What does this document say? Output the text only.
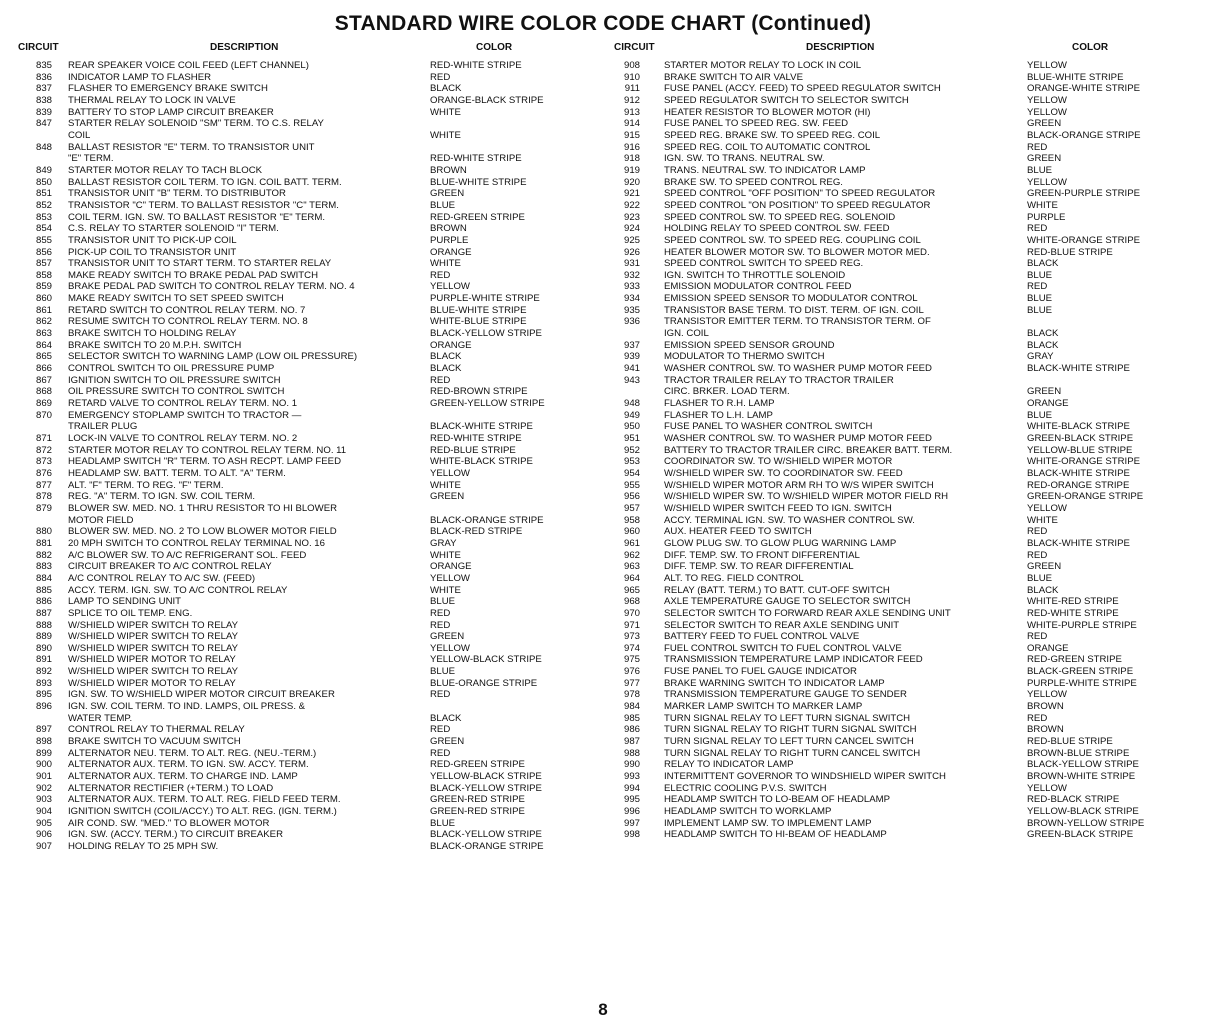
STANDARD WIRE COLOR CODE CHART (Continued)
CIRCUIT	DESCRIPTION	COLOR
835 REAR SPEAKER VOICE COIL FEED (LEFT CHANNEL)	RED-WHITE STRIPE
836 INDICATOR LAMP TO FLASHER	RED
837 FLASHER TO EMERGENCY BRAKE SWITCH	BLACK
838 THERMAL RELAY TO LOCK IN VALVE	ORANGE-BLACK STRIPE
839 BATTERY TO STOP LAMP CIRCUIT BREAKER	WHITE
847 STARTER RELAY SOLENOID "SM" TERM. TO C.S. RELAY
COIL	WHITE
848 BALLAST RESISTOR "E" TERM. TO TRANSISTOR UNIT
"E" TERM.	RED-WHITE STRIPE
849 STARTER MOTOR RELAY TO TACH BLOCK	BROWN
850 BALLAST RESISTOR COIL TERM. TO IGN. COIL BATT. TERM.	BLUE-WHITE STRIPE
851 TRANSISTOR UNIT "B" TERM. TO DISTRIBUTOR	GREEN
852 TRANSISTOR "C" TERM. TO BALLAST RESISTOR "C" TERM.	BLUE
853 COIL TERM. IGN. SW. TO BALLAST RESISTOR "E" TERM.	RED-GREEN STRIPE
854 C.S. RELAY TO STARTER SOLENOID "I" TERM.	BROWN
855 TRANSISTOR UNIT TO PICK-UP COIL	PURPLE
856 PICK-UP COIL TO TRANSISTOR UNIT	ORANGE
857 TRANSISTOR UNIT TO START TERM. TO STARTER RELAY	WHITE
858 MAKE READY SWITCH TO BRAKE PEDAL PAD SWITCH	RED
859 BRAKE PEDAL PAD SWITCH TO CONTROL RELAY TERM. NO. 4	YELLOW
860 MAKE READY SWITCH TO SET SPEED SWITCH	PURPLE-WHITE STRIPE
861 RETARD SWITCH TO CONTROL RELAY TERM. NO. 7	BLUE-WHITE STRIPE
862 RESUME SWITCH TO CONTROL RELAY TERM. NO. 8	WHITE-BLUE STRIPE
863 BRAKE SWITCH TO HOLDING RELAY	BLACK-YELLOW STRIPE
864 BRAKE SWITCH TO 20 M.P.H. SWITCH	ORANGE
865 SELECTOR SWITCH TO WARNING LAMP (LOW OIL PRESSURE)	BLACK
866 CONTROL SWITCH TO OIL PRESSURE PUMP	BLACK
867 IGNITION SWITCH TO OIL PRESSURE SWITCH	RED
868 OIL PRESSURE SWITCH TO CONTROL SWITCH	RED-BROWN STRIPE
869 RETARD VALVE TO CONTROL RELAY TERM. NO. 1	GREEN-YELLOW STRIPE
870 EMERGENCY STOPLAMP SWITCH TO TRACTOR —
TRAILER PLUG	BLACK-WHITE STRIPE
871 LOCK-IN VALVE TO CONTROL RELAY TERM. NO. 2	RED-WHITE STRIPE
872 STARTER MOTOR RELAY TO CONTROL RELAY TERM. NO. 11	RED-BLUE STRIPE
873 HEADLAMP SWITCH "R" TERM. TO ASH RECPT. LAMP FEED	WHITE-BLACK STRIPE
876 HEADLAMP SW. BATT. TERM. TO ALT. "A" TERM.	YELLOW
877 ALT. "F" TERM. TO REG. "F" TERM.	WHITE
878 REG. "A" TERM. TO IGN. SW. COIL TERM.	GREEN
879 BLOWER SW. MED. NO. 1 THRU RESISTOR TO HI BLOWER
MOTOR FIELD	BLACK-ORANGE STRIPE
880 BLOWER SW. MED. NO. 2 TO LOW BLOWER MOTOR FIELD	BLACK-RED STRIPE
881 20 MPH SWITCH TO CONTROL RELAY TERMINAL NO. 16	GRAY
882 A/C BLOWER SW. TO A/C REFRIGERANT SOL. FEED	WHITE
883 CIRCUIT BREAKER TO A/C CONTROL RELAY	ORANGE
884 A/C CONTROL RELAY TO A/C SW. (FEED)	YELLOW
885 ACCY. TERM. IGN. SW. TO A/C CONTROL RELAY	WHITE
886 LAMP TO SENDING UNIT	BLUE
887 SPLICE TO OIL TEMP. ENG.	RED
888 W/SHIELD WIPER SWITCH TO RELAY	RED
889 W/SHIELD WIPER SWITCH TO RELAY	GREEN
890 W/SHIELD WIPER SWITCH TO RELAY	YELLOW
891 W/SHIELD WIPER MOTOR TO RELAY	YELLOW-BLACK STRIPE
892 W/SHIELD WIPER SWITCH TO RELAY	BLUE
893 W/SHIELD WIPER MOTOR TO RELAY	BLUE-ORANGE STRIPE
895 IGN. SW. TO W/SHIELD WIPER MOTOR CIRCUIT BREAKER	RED
896 IGN. SW. COIL TERM. TO IND. LAMPS, OIL PRESS. &
WATER TEMP.	BLACK
897 CONTROL RELAY TO THERMAL RELAY	RED
898 BRAKE SWITCH TO VACUUM SWITCH	GREEN
899 ALTERNATOR NEU. TERM. TO ALT. REG. (NEU.-TERM.)	RED
900 ALTERNATOR AUX. TERM. TO IGN. SW. ACCY. TERM.	RED-GREEN STRIPE
901 ALTERNATOR AUX. TERM. TO CHARGE IND. LAMP	YELLOW-BLACK STRIPE
902 ALTERNATOR RECTIFIER (+TERM.) TO LOAD	BLACK-YELLOW STRIPE
903 ALTERNATOR AUX. TERM. TO ALT. REG. FIELD FEED TERM.	GREEN-RED STRIPE
904 IGNITION SWITCH (COIL/ACCY.) TO ALT. REG. (IGN. TERM.)	GREEN-RED STRIPE
905 AIR COND. SW. "MED." TO BLOWER MOTOR	BLUE
906 IGN. SW. (ACCY. TERM.) TO CIRCUIT BREAKER	BLACK-YELLOW STRIPE
907 HOLDING RELAY TO 25 MPH SW.	BLACK-ORANGE STRIPE
CIRCUIT	DESCRIPTION	COLOR
908	STARTER MOTOR RELAY TO LOCK IN COIL	YELLOW
910	BRAKE SWITCH TO AIR VALVE	BLUE-WHITE STRIPE
911	FUSE PANEL (ACCY. FEED) TO SPEED REGULATOR SWITCH	ORANGE-WHITE STRIPE
912	SPEED REGULATOR SWITCH TO SELECTOR SWITCH	YELLOW
913	HEATER RESISTOR TO BLOWER MOTOR (HI)	YELLOW
914	FUSE PANEL TO SPEED REG. SW. FEED	GREEN
915	SPEED REG. BRAKE SW. TO SPEED REG. COIL	BLACK-ORANGE STRIPE
916	SPEED REG. COIL TO AUTOMATIC CONTROL	RED
918	IGN. SW. TO TRANS. NEUTRAL SW.	GREEN
919	TRANS. NEUTRAL SW. TO INDICATOR LAMP	BLUE
920	BRAKE SW. TO SPEED CONTROL REG.	YELLOW
921	SPEED CONTROL "OFF POSITION" TO SPEED REGULATOR	GREEN-PURPLE STRIPE
922	SPEED CONTROL "ON POSITION" TO SPEED REGULATOR	WHITE
923	SPEED CONTROL SW. TO SPEED REG. SOLENOID	PURPLE
924	HOLDING RELAY TO SPEED CONTROL SW. FEED	RED
925	SPEED CONTROL SW. TO SPEED REG. COUPLING COIL	WHITE-ORANGE STRIPE
926	HEATER BLOWER MOTOR SW. TO BLOWER MOTOR MED.	RED-BLUE STRIPE
931	SPEED CONTROL SWITCH TO SPEED REG.	BLACK
932	IGN. SWITCH TO THROTTLE SOLENOID	BLUE
933	EMISSION MODULATOR CONTROL FEED	RED
934	EMISSION SPEED SENSOR TO MODULATOR CONTROL	BLUE
935	TRANSISTOR BASE TERM. TO DIST. TERM. OF IGN. COIL	BLUE
936	TRANSISTOR EMITTER TERM. TO TRANSISTOR TERM. OF
IGN. COIL	BLACK
937	EMISSION SPEED SENSOR GROUND	BLACK
939	MODULATOR TO THERMO SWITCH	GRAY
941	WASHER CONTROL SW. TO WASHER PUMP MOTOR FEED	BLACK-WHITE STRIPE
943	TRACTOR TRAILER RELAY TO TRACTOR TRAILER
CIRC. BRKER. LOAD TERM.	GREEN
948	FLASHER TO R.H. LAMP	ORANGE
949	FLASHER TO L.H. LAMP	BLUE
950	FUSE PANEL TO WASHER CONTROL SWITCH	WHITE-BLACK STRIPE
951	WASHER CONTROL SW. TO WASHER PUMP MOTOR FEED	GREEN-BLACK STRIPE
952	BATTERY TO TRACTOR TRAILER CIRC. BREAKER BATT. TERM.	YELLOW-BLUE STRIPE
953	COORDINATOR SW. TO W/SHIELD WIPER MOTOR	WHITE-ORANGE STRIPE
954	W/SHIELD WIPER SW. TO COORDINATOR SW. FEED	BLACK-WHITE STRIPE
955	W/SHIELD WIPER MOTOR ARM RH TO W/S WIPER SWITCH	RED-ORANGE STRIPE
956	W/SHIELD WIPER SW. TO W/SHIELD WIPER MOTOR FIELD RH	GREEN-ORANGE STRIPE
957	W/SHIELD WIPER SWITCH FEED TO IGN. SWITCH	YELLOW
958	ACCY. TERMINAL IGN. SW. TO WASHER CONTROL SW.	WHITE
960	AUX. HEATER FEED TO SWITCH	RED
961	GLOW PLUG SW. TO GLOW PLUG WARNING LAMP	BLACK-WHITE STRIPE
962	DIFF. TEMP. SW. TO FRONT DIFFERENTIAL	RED
963	DIFF. TEMP. SW. TO REAR DIFFERENTIAL	GREEN
964	ALT. TO REG. FIELD CONTROL	BLUE
965	RELAY (BATT. TERM.) TO BATT. CUT-OFF SWITCH	BLACK
968	AXLE TEMPERATURE GAUGE TO SELECTOR SWITCH	WHITE-RED STRIPE
970	SELECTOR SWITCH TO FORWARD REAR AXLE SENDING UNIT	RED-WHITE STRIPE
971	SELECTOR SWITCH TO REAR AXLE SENDING UNIT	WHITE-PURPLE STRIPE
973	BATTERY FEED TO FUEL CONTROL VALVE	RED
974	FUEL CONTROL SWITCH TO FUEL CONTROL VALVE	ORANGE
975	TRANSMISSION TEMPERATURE LAMP INDICATOR FEED	RED-GREEN STRIPE
976	FUSE PANEL TO FUEL GAUGE INDICATOR	BLACK-GREEN STRIPE
977	BRAKE WARNING SWITCH TO INDICATOR LAMP	PURPLE-WHITE STRIPE
978	TRANSMISSION TEMPERATURE GAUGE TO SENDER	YELLOW
984	MARKER LAMP SWITCH TO MARKER LAMP	BROWN
985	TURN SIGNAL RELAY TO LEFT TURN SIGNAL SWITCH	RED
986	TURN SIGNAL RELAY TO RIGHT TURN SIGNAL SWITCH	BROWN
987	TURN SIGNAL RELAY TO LEFT TURN CANCEL SWITCH	RED-BLUE STRIPE
988	TURN SIGNAL RELAY TO RIGHT TURN CANCEL SWITCH	BROWN-BLUE STRIPE
990	RELAY TO INDICATOR LAMP	BLACK-YELLOW STRIPE
993	INTERMITTENT GOVERNOR TO WINDSHIELD WIPER SWITCH	BROWN-WHITE STRIPE
994	ELECTRIC COOLING P.V.S. SWITCH	YELLOW
995	HEADLAMP SWITCH TO LO-BEAM OF HEADLAMP	RED-BLACK STRIPE
996	HEADLAMP SWITCH TO WORKLAMP	YELLOW-BLACK STRIPE
997	IMPLEMENT LAMP SW. TO IMPLEMENT LAMP	BROWN-YELLOW STRIPE
998	HEADLAMP SWITCH TO HI-BEAM OF HEADLAMP	GREEN-BLACK STRIPE
8
